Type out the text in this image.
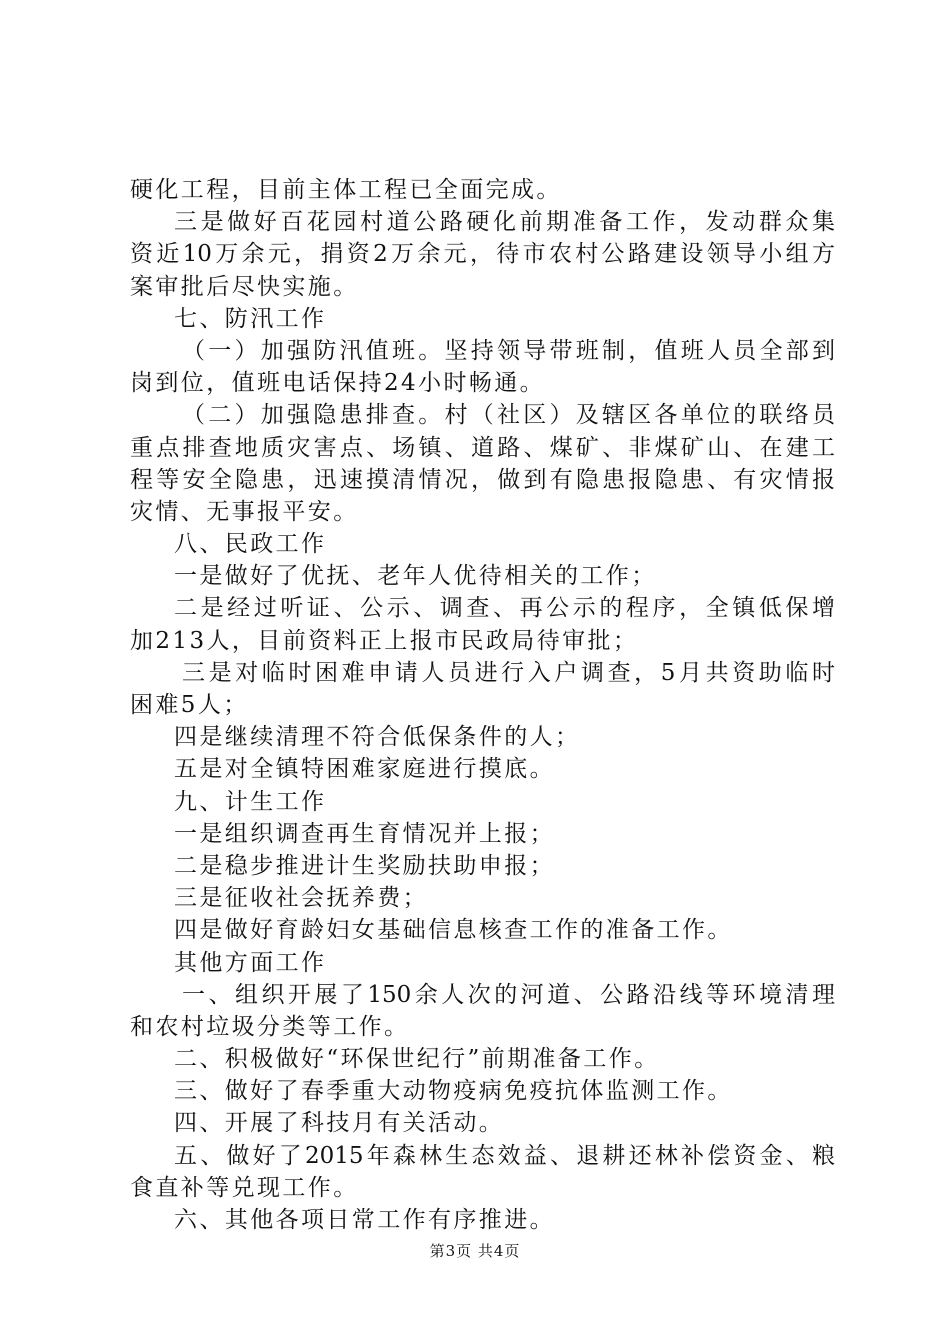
硬化工程，目前主体工程已全面完成。
三是做好百花园村道公路硬化前期准备工作，发动群众集
资近10万余元，捐资2万余元，待市农村公路建设领导小组方
案审批后尽快实施。
七、防汛工作
（一）加强防汛值班。坚持领导带班制，值班人员全部到
岗到位，值班电话保持24小时畅通。
（二）加强隐患排查。村（社区）及辖区各单位的联络员
重点排查地质灾害点、场镇、道路、煤矿、非煤矿山、在建工
程等安全隐患，迅速摸清情况，做到有隐患报隐患、有灾情报
灾情、无事报平安。
八、民政工作
一是做好了优抚、老年人优待相关的工作；
二是经过听证、公示、调查、再公示的程序，全镇低保增
加213人，目前资料正上报市民政局待审批；
三是对临时困难申请人员进行入户调查，5月共资助临时
困难5人；
四是继续清理不符合低保条件的人；
五是对全镇特困难家庭进行摸底。
九、计生工作
一是组织调查再生育情况并上报；
二是稳步推进计生奖励扶助申报；
三是征收社会抚养费；
四是做好育龄妇女基础信息核查工作的准备工作。
其他方面工作
一、组织开展了150余人次的河道、公路沿线等环境清理
和农村垃圾分类等工作。
二、积极做好“环保世纪行”前期准备工作。
三、做好了春季重大动物疫病免疫抗体监测工作。
四、开展了科技月有关活动。
五、做好了2015年森林生态效益、退耕还林补偿资金、粮
食直补等兑现工作。
六、其他各项日常工作有序推进。
第3页 共4页
